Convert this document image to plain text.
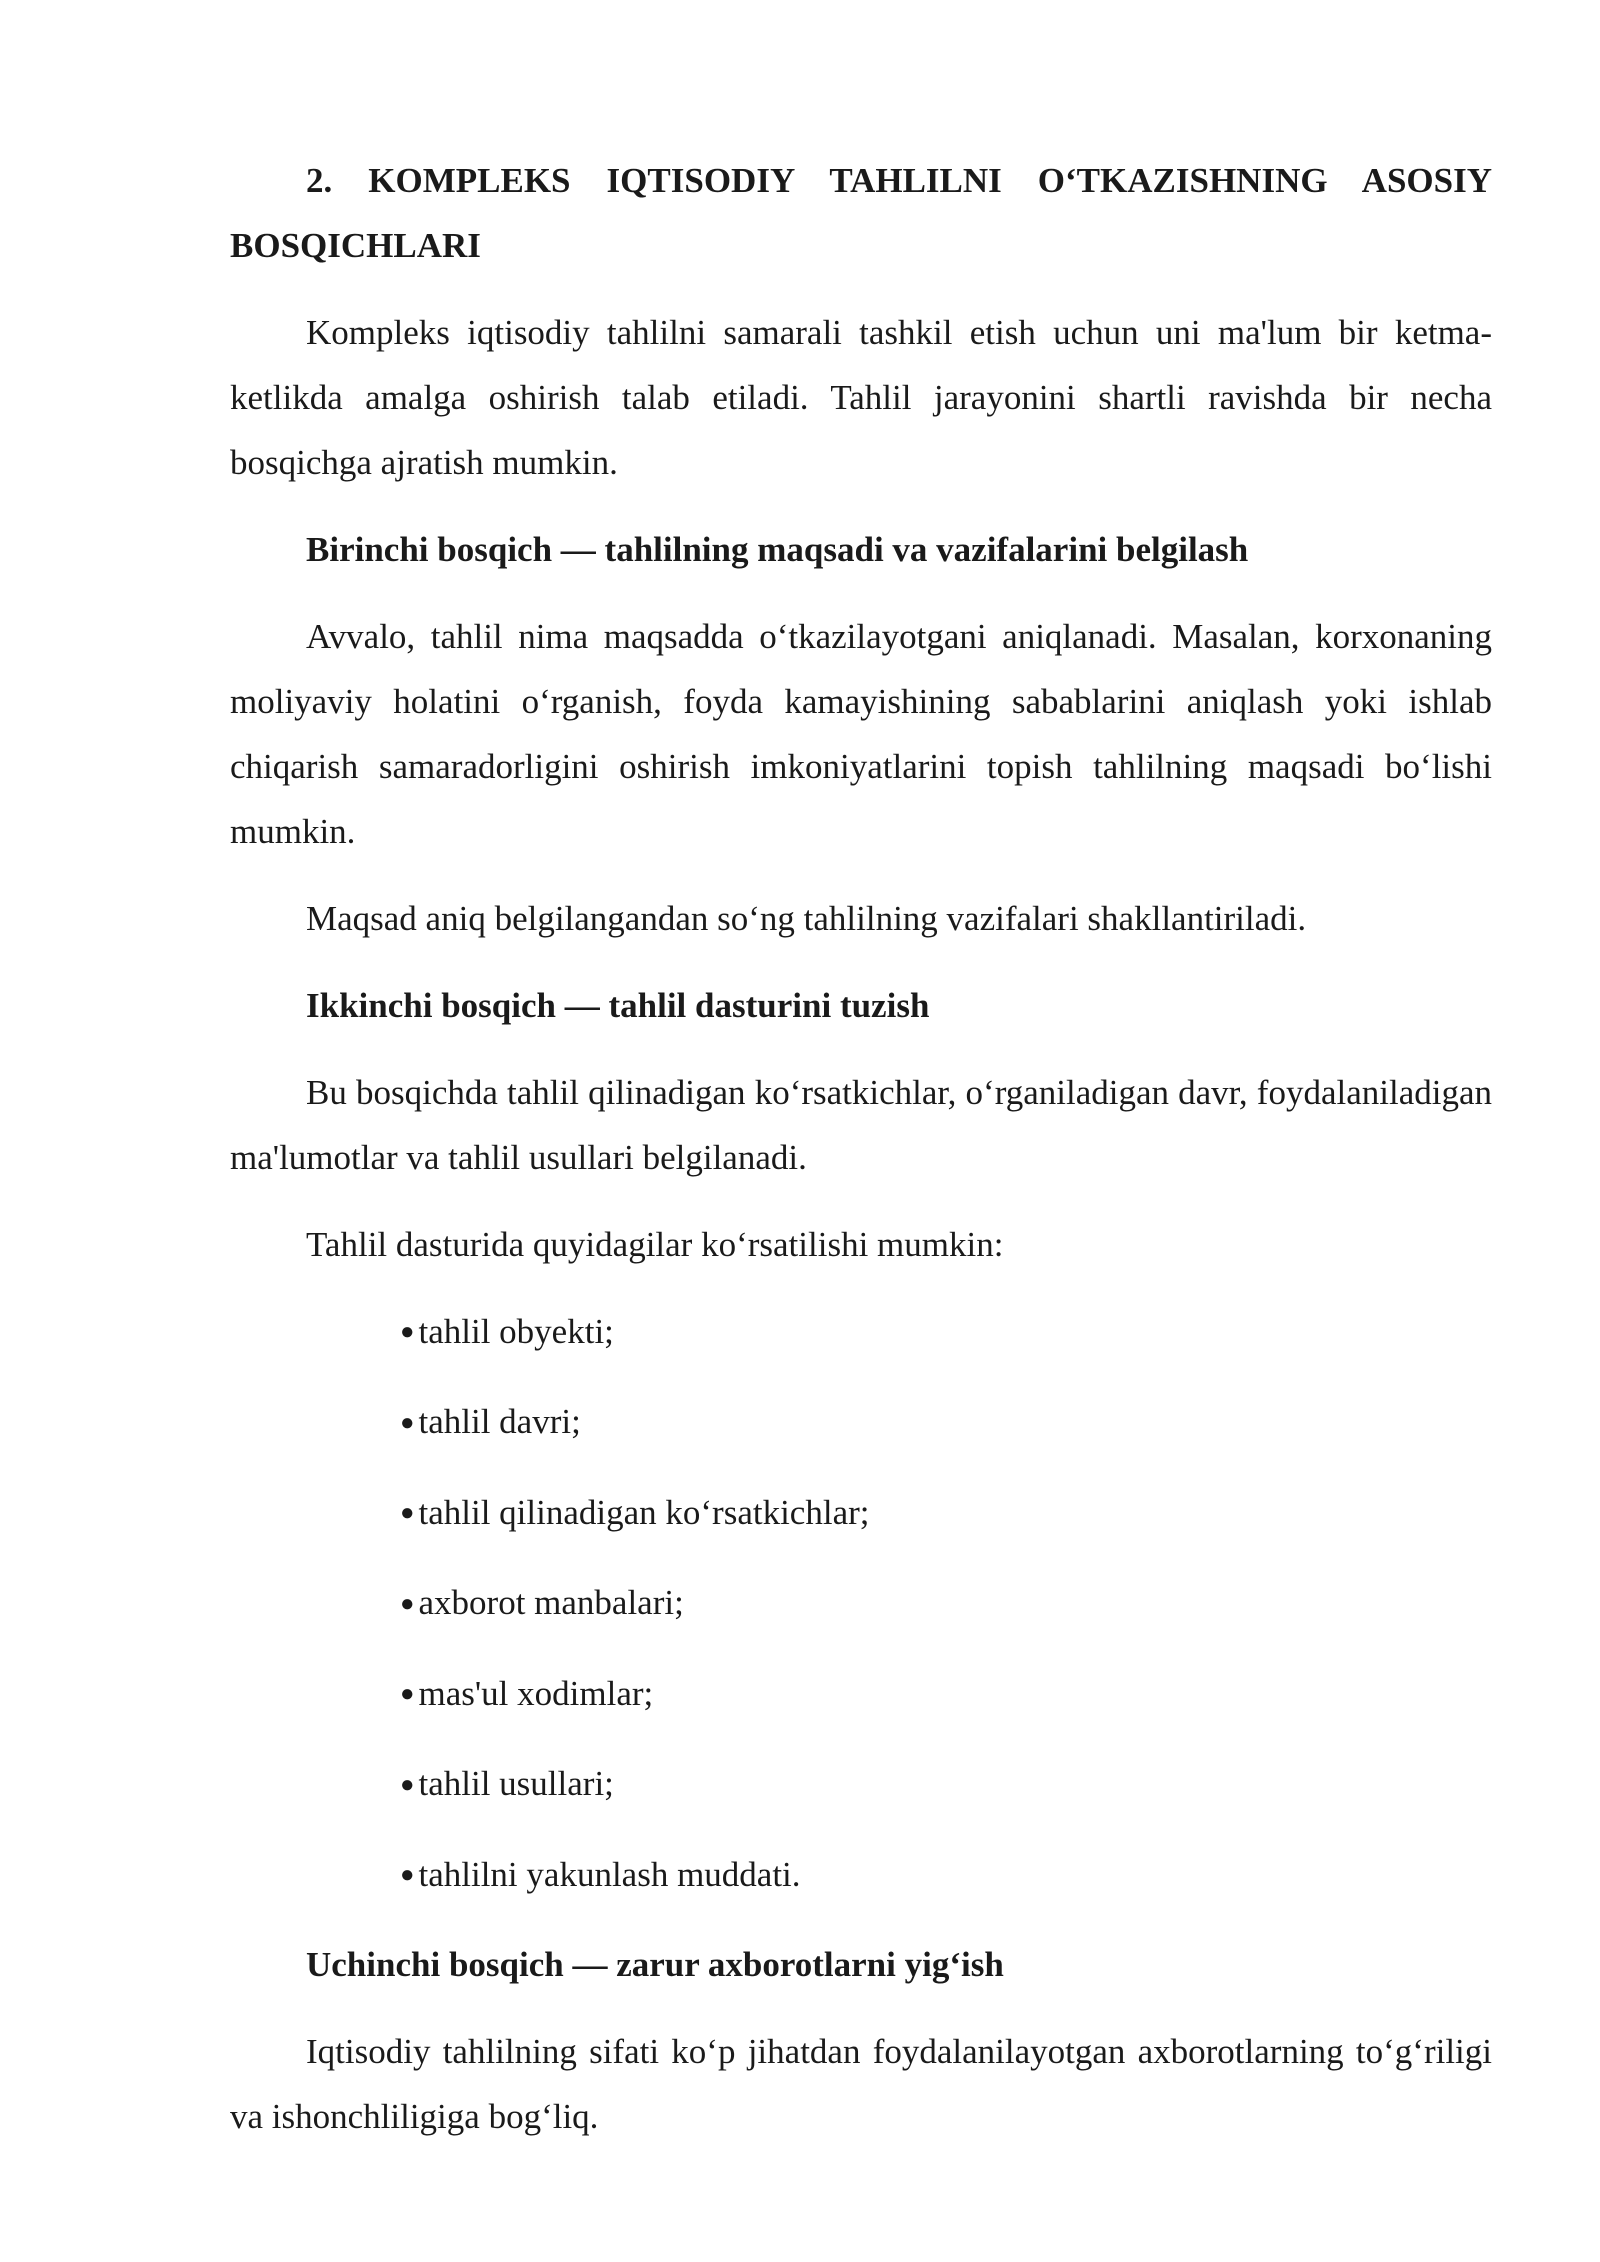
2. KOMPLEKS IQTISODIY TAHLILNI O‘TKAZISHNING ASOSIY BOSQICHLARI

Kompleks iqtisodiy tahlilni samarali tashkil etish uchun uni ma'lum bir ketma-ketlikda amalga oshirish talab etiladi. Tahlil jarayonini shartli ravishda bir necha bosqichga ajratish mumkin.

Birinchi bosqich — tahlilning maqsadi va vazifalarini belgilash

Avvalo, tahlil nima maqsadda o‘tkazilayotgani aniqlanadi. Masalan, korxonaning moliyaviy holatini o‘rganish, foyda kamayishining sabablarini aniqlash yoki ishlab chiqarish samaradorligini oshirish imkoniyatlarini topish tahlilning maqsadi bo‘lishi mumkin.

Maqsad aniq belgilangandan so‘ng tahlilning vazifalari shakllantiriladi.

Ikkinchi bosqich — tahlil dasturini tuzish

Bu bosqichda tahlil qilinadigan ko‘rsatkichlar, o‘rganiladigan davr, foydalaniladigan ma'lumotlar va tahlil usullari belgilanadi.

Tahlil dasturida quyidagilar ko‘rsatilishi mumkin:

● tahlil obyekti;
● tahlil davri;
● tahlil qilinadigan ko‘rsatkichlar;
● axborot manbalari;
● mas'ul xodimlar;
● tahlil usullari;
● tahlilni yakunlash muddati.

Uchinchi bosqich — zarur axborotlarni yig‘ish

Iqtisodiy tahlilning sifati ko‘p jihatdan foydalanilayotgan axborotlarning to‘g‘riligi va ishonchliligiga bog‘liq.
